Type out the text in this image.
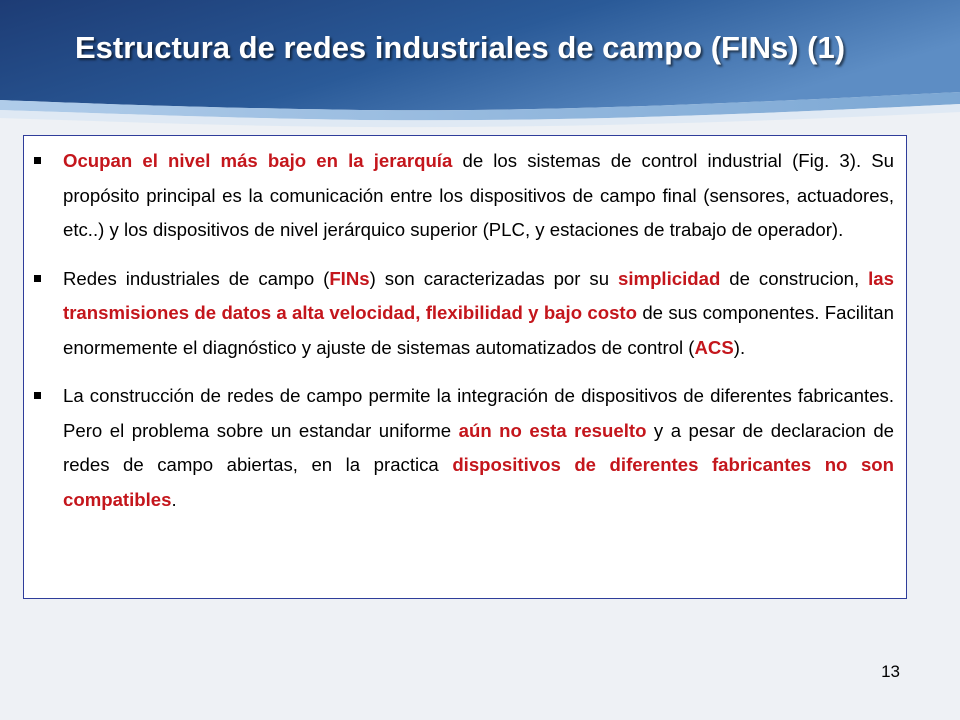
Estructura de redes industriales de campo (FINs) (1)
Ocupan el nivel más bajo en la jerarquía de los sistemas de control industrial (Fig. 3). Su propósito principal es la comunicación entre los dispositivos de campo final (sensores, actuadores, etc..) y los dispositivos de nivel jerárquico superior (PLC, y estaciones de trabajo de operador).
Redes industriales de campo (FINs) son caracterizadas por su simplicidad de construcion, las transmisiones de datos a alta velocidad, flexibilidad y bajo costo de sus componentes. Facilitan enormemente el diagnóstico y ajuste de sistemas automatizados de control (ACS).
La construcción de redes de campo permite la integración de dispositivos de diferentes fabricantes. Pero el problema sobre un estandar uniforme aún no esta resuelto y a pesar de declaracion de redes de campo abiertas, en la practica dispositivos de diferentes fabricantes no son compatibles.
13
